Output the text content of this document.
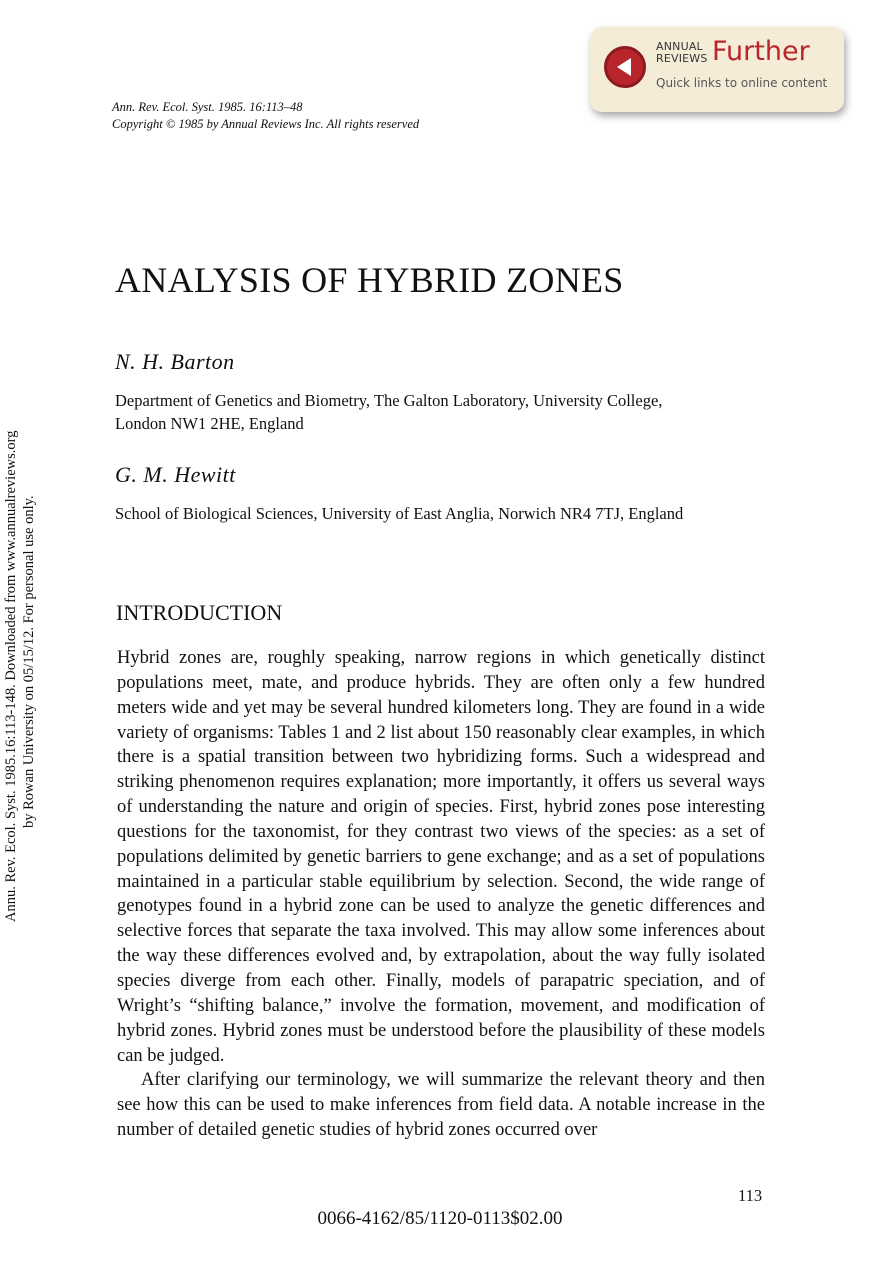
ANNUAL
REVIEWS Further
Quick links to online content
Ann. Rev. Ecol. Syst. 1985. 16:113–48
Copyright © 1985 by Annual Reviews Inc. All rights reserved
Annu. Rev. Ecol. Syst. 1985.16:113-148. Downloaded from www.annualreviews.org by Rowan University on 05/15/12. For personal use only.
ANALYSIS OF HYBRID ZONES
N. H. Barton
Department of Genetics and Biometry, The Galton Laboratory, University College,
London NW1 2HE, England
G. M. Hewitt
School of Biological Sciences, University of East Anglia, Norwich NR4 7TJ, England
INTRODUCTION

Hybrid zones are, roughly speaking, narrow regions in which genetically distinct populations meet, mate, and produce hybrids. They are often only a few hundred meters wide and yet may be several hundred kilometers long. They are found in a wide variety of organisms: Tables 1 and 2 list about 150 reasonably clear examples, in which there is a spatial transition between two hybridizing forms. Such a widespread and striking phenomenon requires explanation; more importantly, it offers us several ways of understanding the nature and origin of species. First, hybrid zones pose interesting questions for the taxonomist, for they contrast two views of the species: as a set of populations delimited by genetic barriers to gene exchange; and as a set of populations maintained in a particular stable equilibrium by selection. Second, the wide range of genotypes found in a hybrid zone can be used to analyze the genetic differences and selective forces that separate the taxa involved. This may allow some inferences about the way these differences evolved and, by extrapolation, about the way fully isolated species diverge from each other. Finally, models of parapatric speciation, and of Wright’s “shifting balance,” involve the formation, movement, and modification of hybrid zones. Hybrid zones must be understood before the plausibility of these models can be judged.

After clarifying our terminology, we will summarize the relevant theory and then see how this can be used to make inferences from field data. A notable increase in the number of detailed genetic studies of hybrid zones occurred over

113
0066-4162/85/1120-0113$02.00
